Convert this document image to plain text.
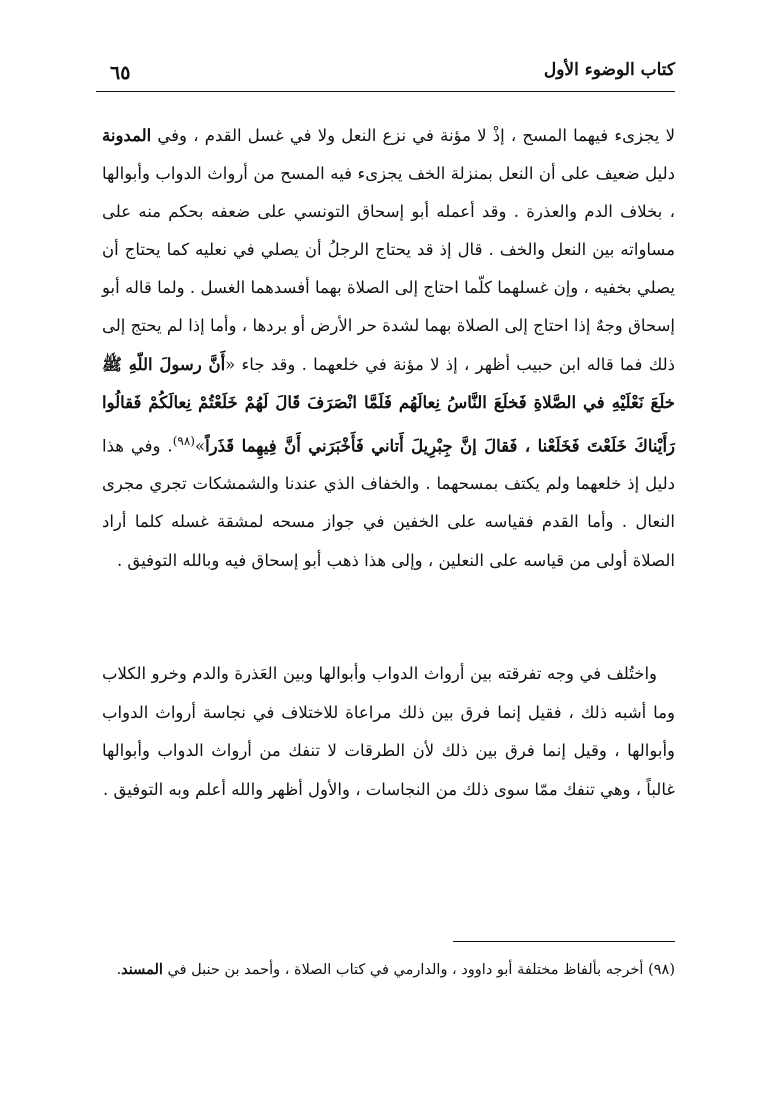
كتاب الوضوء الأول
٦٥

لا يجزىء فيهما المسح ، إذْ لا مؤنة في نزع النعل ولا في غسل القدم ، وفي المدونة دليل ضعيف على أن النعل بمنزلة الخف يجزىء فيه المسح من أرواث الدواب وأبوالها ، بخلاف الدم والعذرة . وقد أعمله أبو إسحاق التونسي على ضعفه بحكم منه على مساواته بين النعل والخف . قال إذ قد يحتاج الرجلُ أن يصلي في نعليه كما يحتاج أن يصلي بخفيه ، وإن غسلهما كلّما احتاج إلى الصلاة بهما أفسدهما الغسل . ولما قاله أبو إسحاق وجهٌ إذا احتاج إلى الصلاة بهما لشدة حر الأرض أو بردها ، وأما إذا لم يحتج إلى ذلك فما قاله ابن حبيب أظهر ، إذ لا مؤنة في خلعهما . وقد جاء «أَنَّ رسولَ اللّهِ ﷺ خلَعَ نَعْلَيْهِ في الصَّلاةِ فَخلَعَ النَّاسُ نِعالَهُم فَلَمَّا انْصَرَفَ قَالَ لَهُمْ خَلَعْتُمْ نِعالَكُمْ فَقالُوا رَأَيْناكَ خَلَعْتَ فَخَلَعْنا ، فَقالَ إنَّ جِبْرِيلَ أَتاني فَأَخْبَرَني أَنَّ فِيهِما قَذَراً»$^{(٩٨)}$. وفي هذا دليل إذ خلعهما ولم يكتف بمسحهما . والخفاف الذي عندنا والشمشكات تجري مجرى النعال . وأما القدم فقياسه على الخفين في جواز مسحه لمشقة غسله كلما أراد الصلاة أولى من قياسه على النعلين ، وإلى هذا ذهب أبو إسحاق فيه وبالله التوفيق .

واختُلف في وجه تفرقته بين أرواث الدواب وأبوالها وبين العَذرة والدم وخرو الكلاب وما أشبه ذلك ، فقيل إنما فرق بين ذلك مراعاة للاختلاف في نجاسة أرواث الدواب وأبوالها ، وقيل إنما فرق بين ذلك لأن الطرقات لا تنفك من أرواث الدواب وأبوالها غالباً ، وهي تنفك ممّا سوى ذلك من النجاسات ، والأول أظهر والله أعلم وبه التوفيق .

(٩٨) أخرجه بألفاظ مختلفة أبو داوود ، والدارمي في كتاب الصلاة ، وأحمد بن حنبل في المسند.
